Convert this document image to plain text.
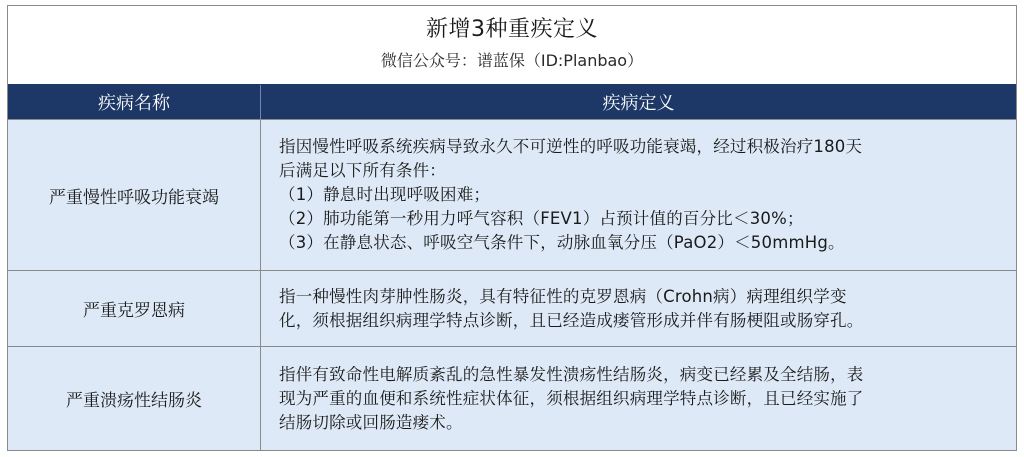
新增3种重疾定义
微信公众号：谱蓝保（ID:Planbao）
疾病名称	疾病定义
严重慢性呼吸功能衰竭

指因慢性呼吸系统疾病导致永久不可逆性的呼吸功能衰竭，经过积极治疗180天

后满足以下所有条件：

（1）静息时出现呼吸困难；

（2）肺功能第一秒用力呼气容积（FEV1）占预计值的百分比＜30%；

（3）在静息状态、呼吸空气条件下，动脉血氧分压（PaO2）＜50mmHg。

严重克罗恩病

指一种慢性肉芽肿性肠炎，具有特征性的克罗恩病（Crohn病）病理组织学变

化，须根据组织病理学特点诊断，且已经造成瘘管形成并伴有肠梗阻或肠穿孔。

严重溃疡性结肠炎

指伴有致命性电解质紊乱的急性暴发性溃疡性结肠炎，病变已经累及全结肠，表

现为严重的血便和系统性症状体征，须根据组织病理学特点诊断，且已经实施了

结肠切除或回肠造瘘术。
